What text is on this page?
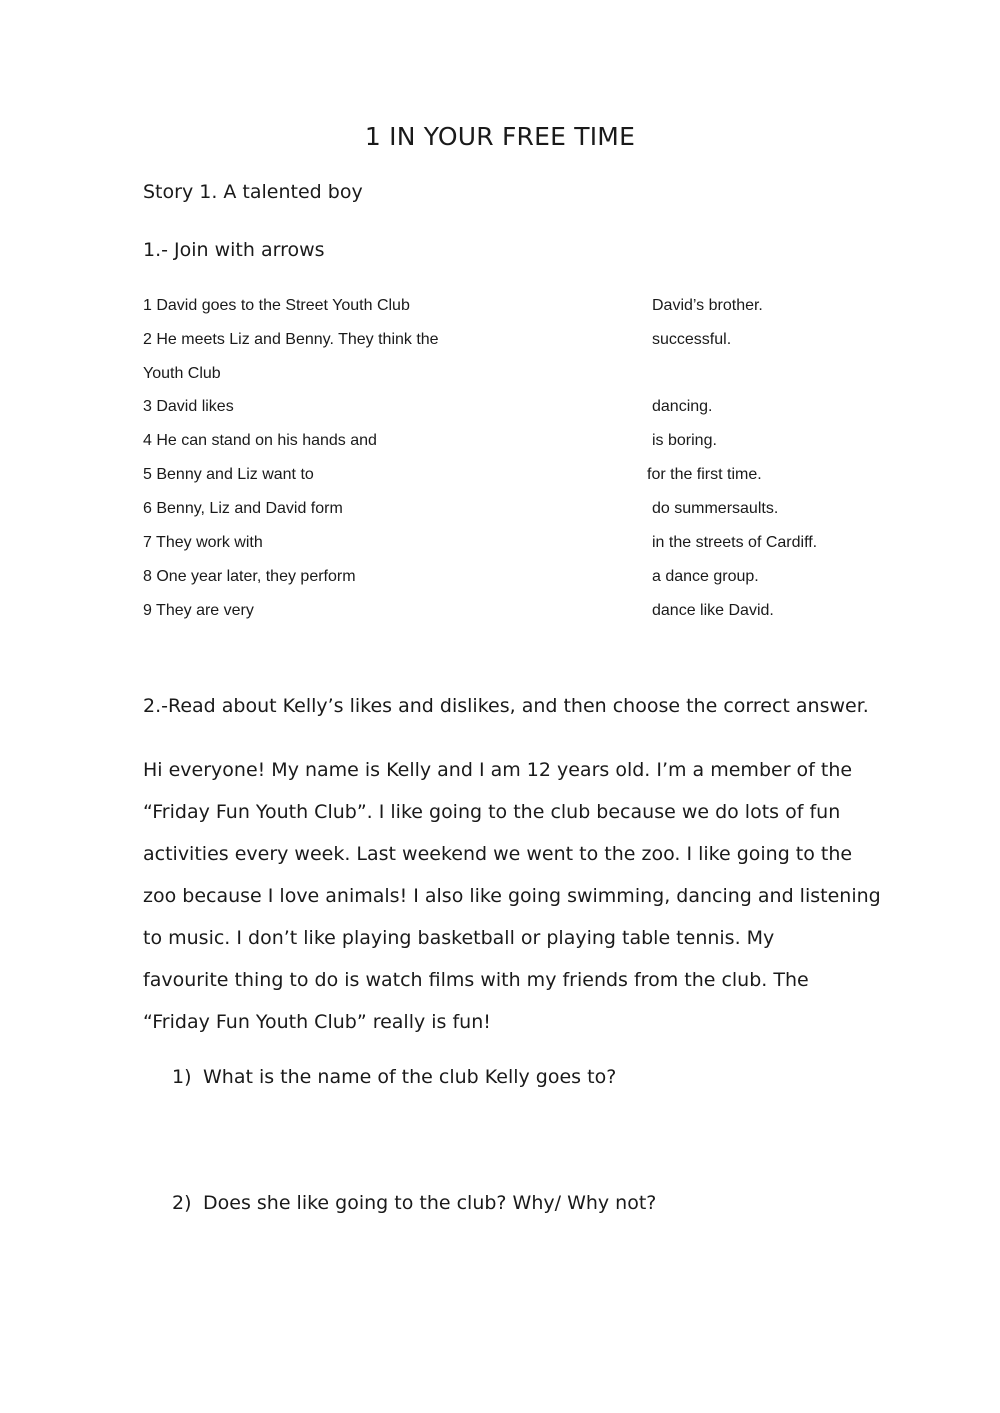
1 IN YOUR FREE TIME
Story 1. A talented boy
1.- Join with arrows
1 David goes to the Street Youth Club	David’s brother.
2 He meets Liz and Benny. They think the	successful.
Youth Club
3 David likes	dancing.
4 He can stand on his hands and	is boring.
5 Benny and Liz want to	for the first time.
6 Benny, Liz and David form	do summersaults.
7 They work with	in the streets of Cardiff.
8 One year later, they perform	a dance group.
9 They are very	dance like David.
2.-Read about Kelly’s likes and dislikes, and then choose the correct answer.
Hi everyone! My name is Kelly and I am 12 years old. I’m a member of the
“Friday Fun Youth Club”. I like going to the club because we do lots of fun
activities every week. Last weekend we went to the zoo. I like going to the
zoo because I love animals! I also like going swimming, dancing and listening
to music. I don’t like playing basketball or playing table tennis. My
favourite thing to do is watch films with my friends from the club. The
“Friday Fun Youth Club” really is fun!
1) What is the name of the club Kelly goes to?
2) Does she like going to the club? Why/ Why not?
